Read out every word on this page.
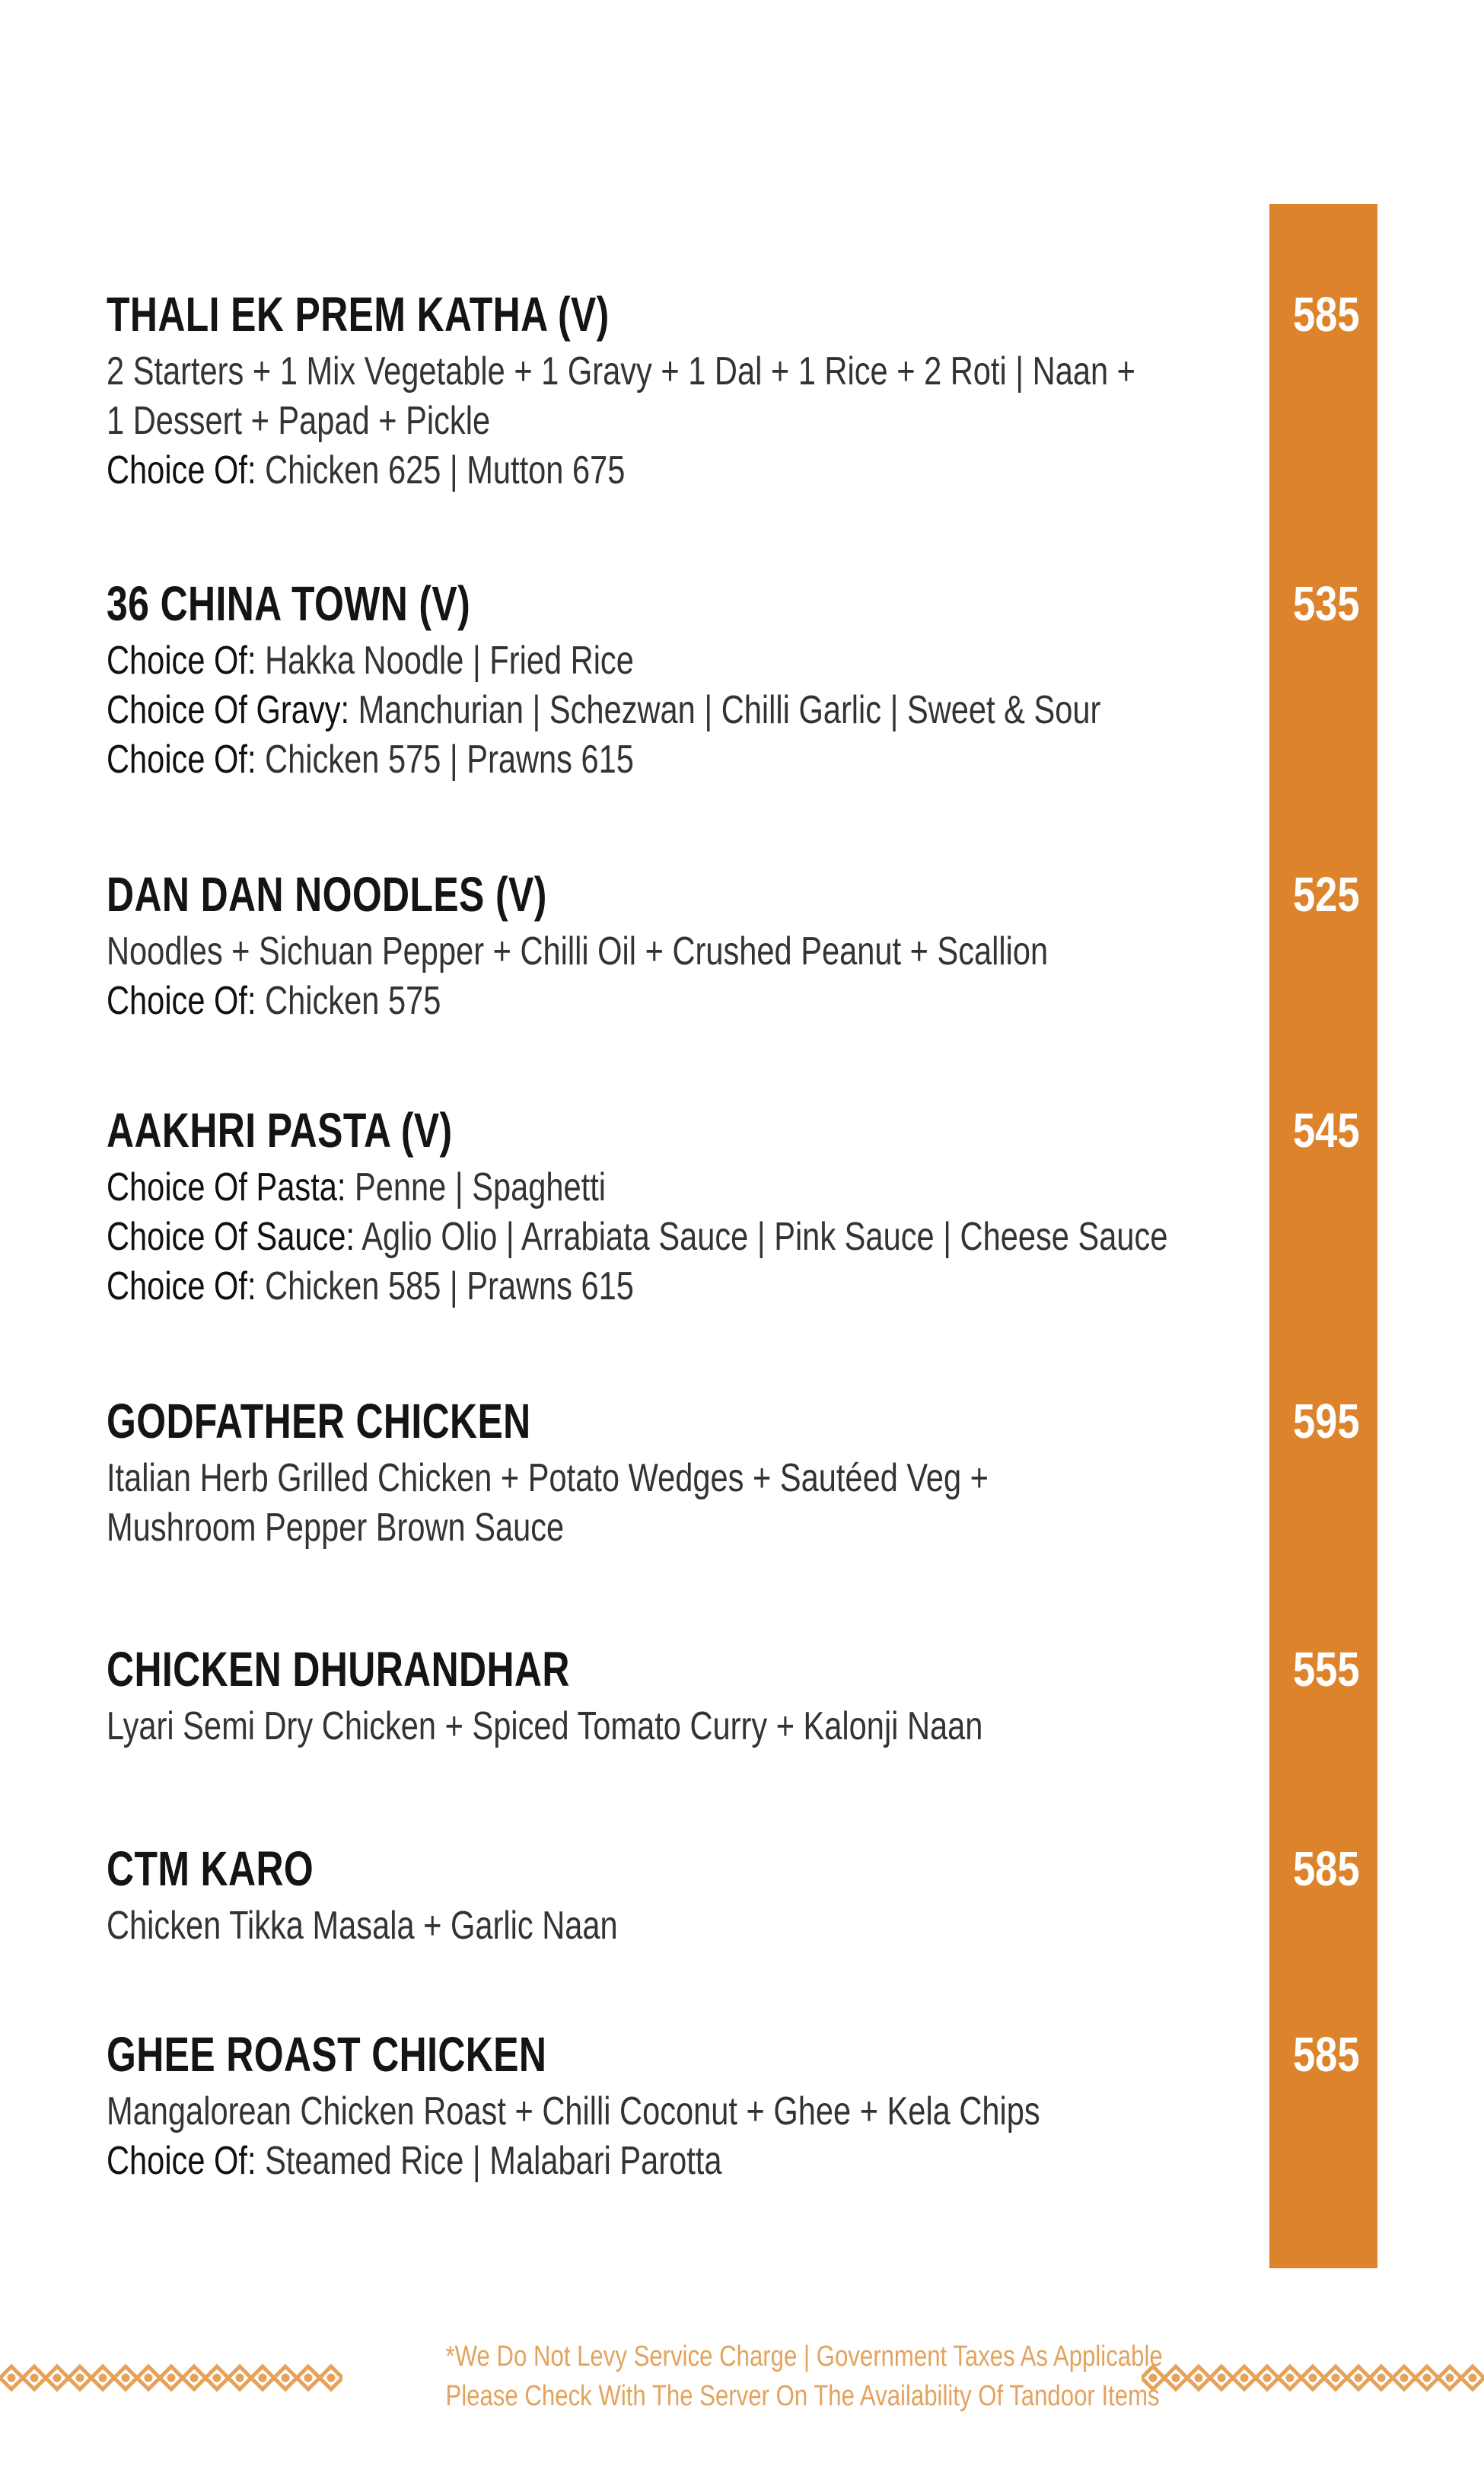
THALI EK PREM KATHA (V)	585
2 Starters + 1 Mix Vegetable + 1 Gravy + 1 Dal + 1 Rice + 2 Roti | Naan +
1 Dessert + Papad + Pickle
Choice Of: Chicken 625 | Mutton 675
36 CHINA TOWN (V)	535
Choice Of: Hakka Noodle | Fried Rice
Choice Of Gravy: Manchurian | Schezwan | Chilli Garlic | Sweet & Sour
Choice Of: Chicken 575 | Prawns 615
DAN DAN NOODLES (V)	525
Noodles + Sichuan Pepper + Chilli Oil + Crushed Peanut + Scallion
Choice Of: Chicken 575
AAKHRI PASTA (V)	545
Choice Of Pasta: Penne | Spaghetti
Choice Of Sauce: Aglio Olio | Arrabiata Sauce | Pink Sauce | Cheese Sauce
Choice Of: Chicken 585 | Prawns 615
GODFATHER CHICKEN	595
Italian Herb Grilled Chicken + Potato Wedges + Sautéed Veg +
Mushroom Pepper Brown Sauce
CHICKEN DHURANDHAR	555
Lyari Semi Dry Chicken + Spiced Tomato Curry + Kalonji Naan
CTM KARO	585
Chicken Tikka Masala + Garlic Naan
GHEE ROAST CHICKEN	585
Mangalorean Chicken Roast + Chilli Coconut + Ghee + Kela Chips
Choice Of: Steamed Rice | Malabari Parotta
*We Do Not Levy Service Charge | Government Taxes As Applicable
Please Check With The Server On The Availability Of Tandoor Items
